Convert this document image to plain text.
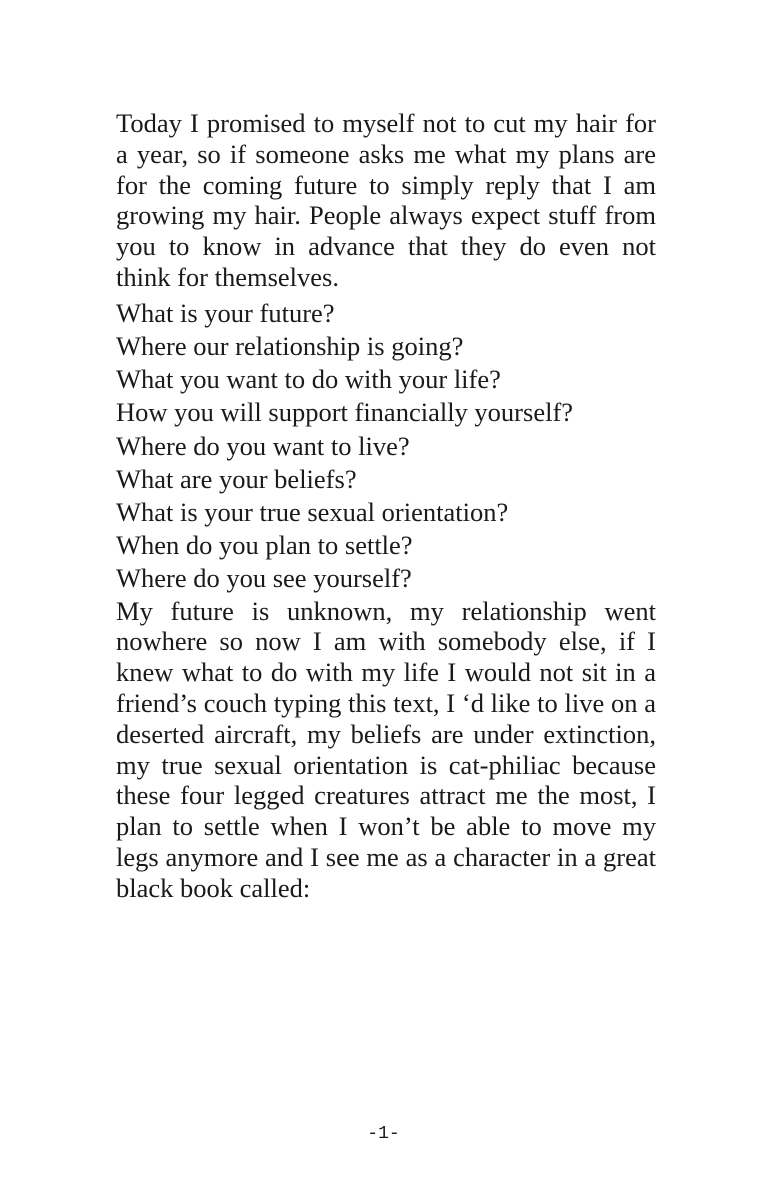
Today I promised to myself not to cut my hair for a year, so if someone asks me what my plans are for the coming future to simply reply that I am growing my hair. People always expect stuff from you to know in advance that they do even not think for themselves.

What is your future?
Where our relationship is going?
What you want to do with your life?
How you will support financially yourself?
Where do you want to live?
What are your beliefs?
What is your true sexual orientation?
When do you plan to settle?
Where do you see yourself?

My future is unknown, my relationship went nowhere so now I am with somebody else, if I knew what to do with my life I would not sit in a friend’s couch typing this text, I ‘d like to live on a deserted aircraft, my beliefs are under extinction, my true sexual orientation is cat-philiac because these four legged creatures attract me the most, I plan to settle when I won’t be able to move my legs anymore and I see me as a character in a great black book called:

-1-
